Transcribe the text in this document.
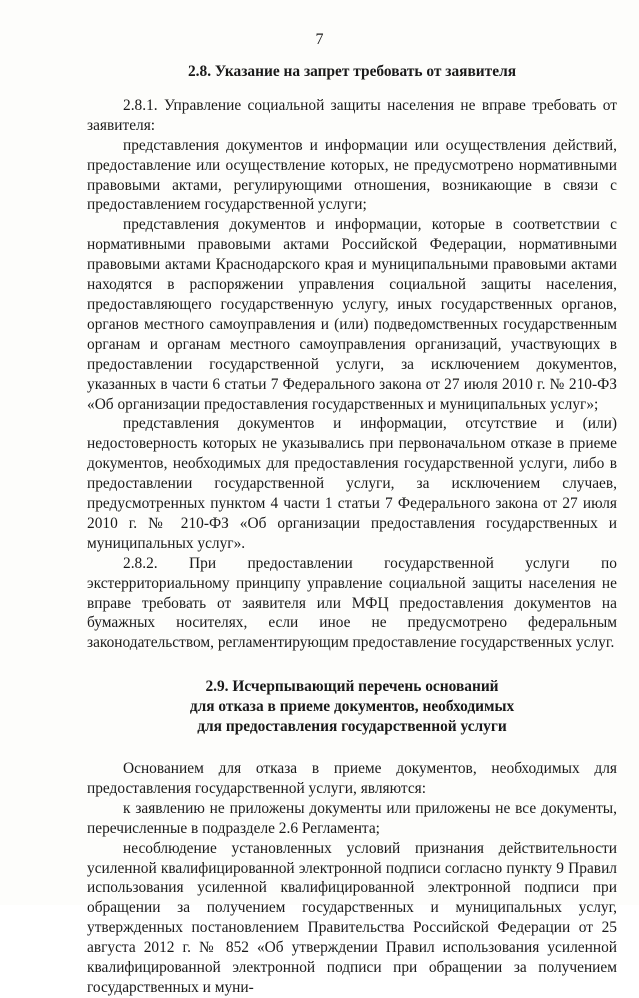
7
2.8. Указание на запрет требовать от заявителя

2.8.1. Управление социальной защиты населения не вправе требовать от заявителя:

представления документов и информации или осуществления действий, предоставление или осуществление которых, не предусмотрено нормативными правовыми актами, регулирующими отношения, возникающие в связи с предоставлением государственной услуги;

представления документов и информации, которые в соответствии с нормативными правовыми актами Российской Федерации, нормативными правовыми актами Краснодарского края и муниципальными правовыми актами находятся в распоряжении управления социальной защиты населения, предоставляющего государственную услугу, иных государственных органов, органов местного самоуправления и (или) подведомственных государственным органам и органам местного самоуправления организаций, участвующих в предоставлении государственной услуги, за исключением документов, указанных в части 6 статьи 7 Федерального закона от 27 июля 2010 г. № 210-ФЗ «Об организации предоставления государственных и муниципальных услуг»;

представления документов и информации, отсутствие и (или) недостоверность которых не указывались при первоначальном отказе в приеме документов, необходимых для предоставления государственной услуги, либо в предоставлении государственной услуги, за исключением случаев, предусмотренных пунктом 4 части 1 статьи 7 Федерального закона от 27 июля 2010 г. № 210-ФЗ «Об организации предоставления государственных и муниципальных услуг».

2.8.2. При предоставлении государственной услуги по экстерриториальному принципу управление социальной защиты населения не вправе требовать от заявителя или МФЦ предоставления документов на бумажных носителях, если иное не предусмотрено федеральным законодательством, регламентирующим предоставление государственных услуг.

2.9. Исчерпывающий перечень оснований
для отказа в приеме документов, необходимых
для предоставления государственной услуги

Основанием для отказа в приеме документов, необходимых для предоставления государственной услуги, являются:

к заявлению не приложены документы или приложены не все документы, перечисленные в подразделе 2.6 Регламента;

несоблюдение установленных условий признания действительности усиленной квалифицированной электронной подписи согласно пункту 9 Правил использования усиленной квалифицированной электронной подписи при обращении за получением государственных и муниципальных услуг, утвержденных постановлением Правительства Российской Федерации от 25 августа 2012 г. № 852 «Об утверждении Правил использования усиленной квалифицированной электронной подписи при обращении за получением государственных и муни-
